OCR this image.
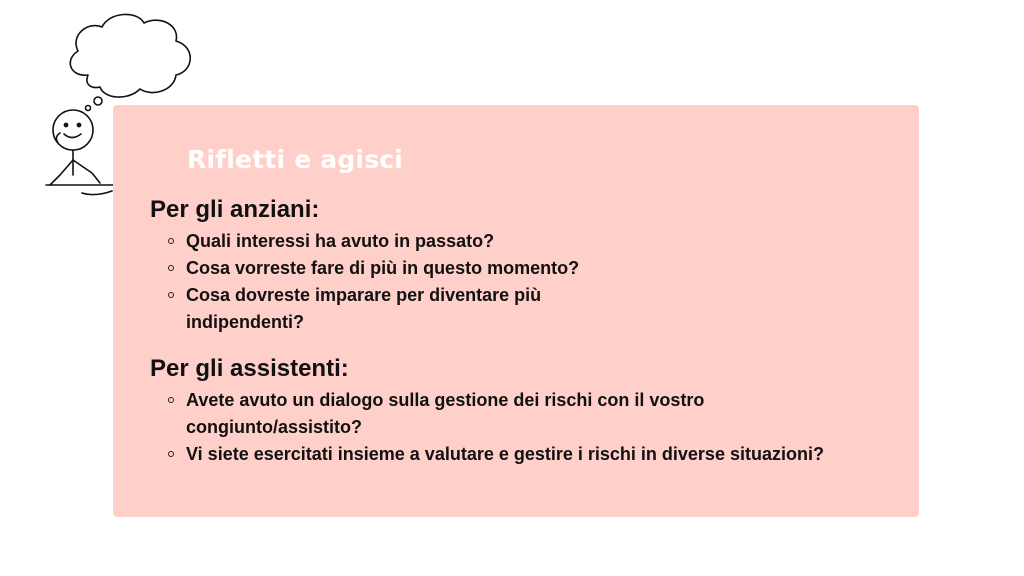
Rifletti e agisci
Per gli anziani:
Quali interessi ha avuto in passato?
Cosa vorreste fare di più in questo momento?
Cosa dovreste imparare per diventare più indipendenti?
Per gli assistenti:
Avete avuto un dialogo sulla gestione dei rischi con il vostro congiunto/assistito?
Vi siete esercitati insieme a valutare e gestire i rischi in diverse situazioni?
